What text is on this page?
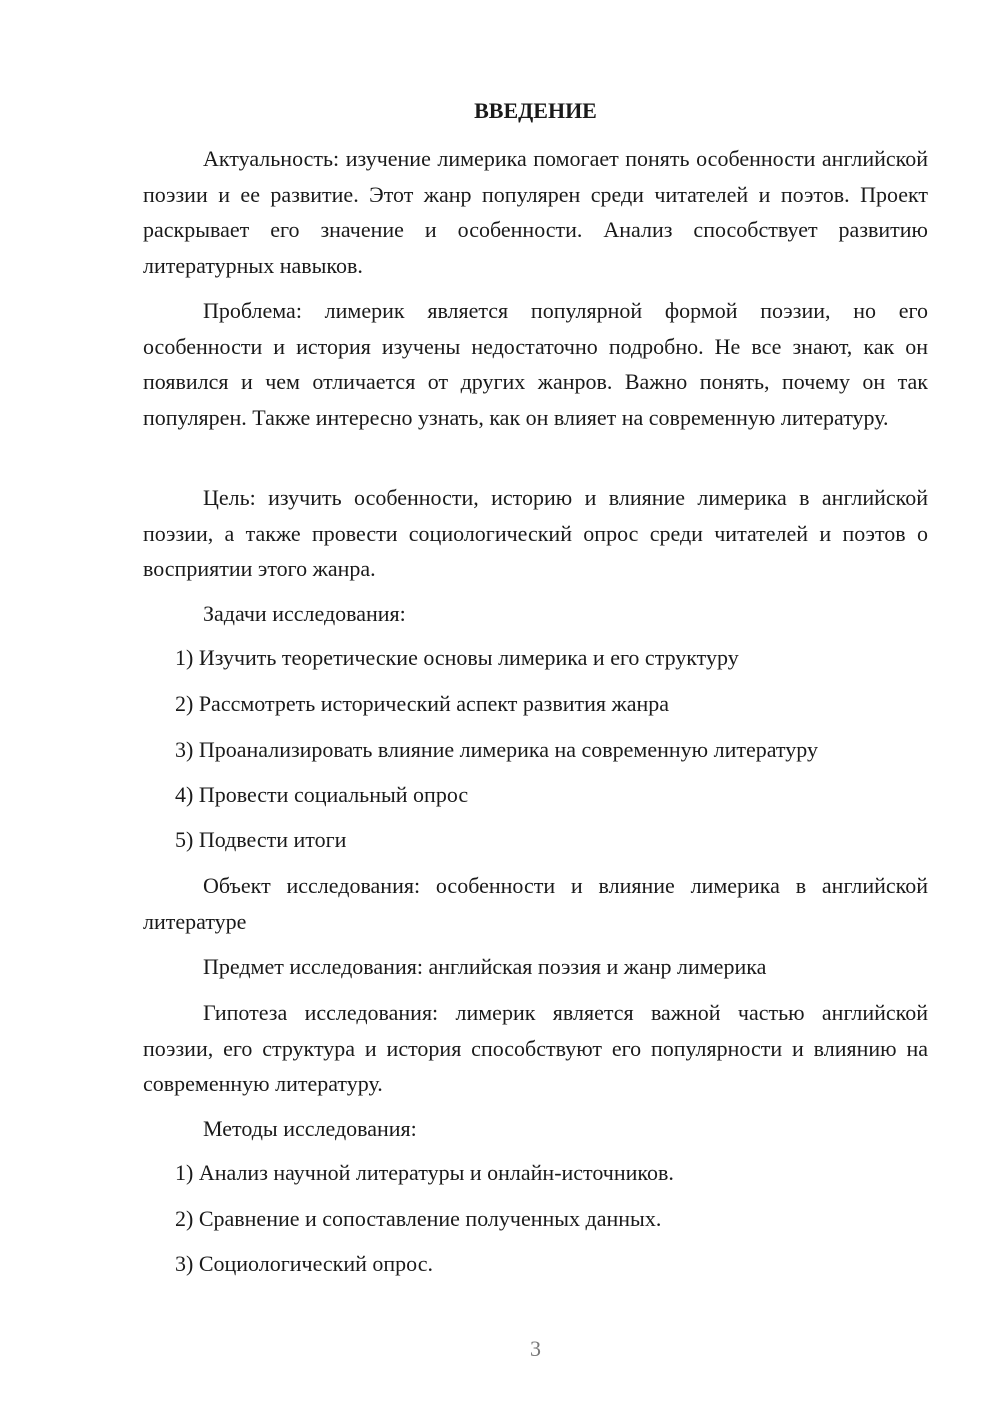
ВВЕДЕНИЕ
Актуальность: изучение лимерика помогает понять особенности английской поэзии и ее развитие. Этот жанр популярен среди читателей и поэтов. Проект раскрывает его значение и особенности. Анализ способствует развитию литературных навыков.
Проблема: лимерик является популярной формой поэзии, но его особенности и история изучены недостаточно подробно. Не все знают, как он появился и чем отличается от других жанров. Важно понять, почему он так популярен. Также интересно узнать, как он влияет на современную литературу.
Цель: изучить особенности, историю и влияние лимерика в английской поэзии, а также провести социологический опрос среди читателей и поэтов о восприятии этого жанра.
Задачи исследования:
1) Изучить теоретические основы лимерика и его структуру
2) Рассмотреть исторический аспект развития жанра
3) Проанализировать влияние лимерика на современную литературу
4) Провести социальный опрос
5) Подвести итоги
Объект исследования: особенности и влияние лимерика в английской литературе
Предмет исследования: английская поэзия и жанр лимерика
Гипотеза исследования: лимерик является важной частью английской поэзии, его структура и история способствуют его популярности и влиянию на современную литературу.
Методы исследования:
1) Анализ научной литературы и онлайн-источников.
2) Сравнение и сопоставление полученных данных.
3) Социологический опрос.
3
